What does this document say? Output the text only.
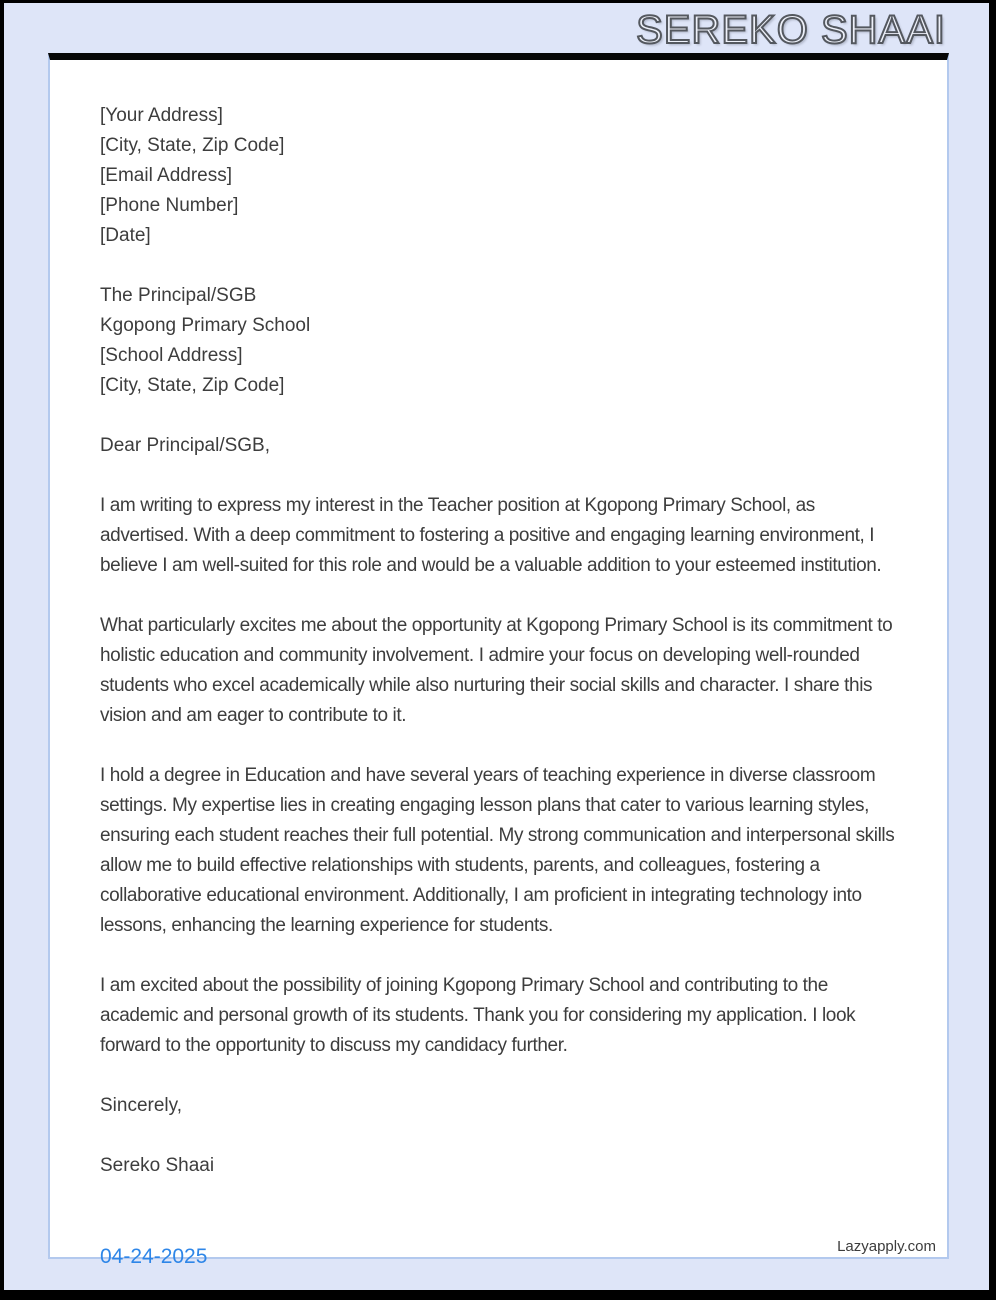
SEREKO SHAAI
[Your Address]
[City, State, Zip Code]
[Email Address]
[Phone Number]
[Date]
The Principal/SGB
Kgopong Primary School
[School Address]
[City, State, Zip Code]
Dear Principal/SGB,

I am writing to express my interest in the Teacher position at Kgopong Primary School, as advertised. With a deep commitment to fostering a positive and engaging learning environment, I believe I am well-suited for this role and would be a valuable addition to your esteemed institution.

What particularly excites me about the opportunity at Kgopong Primary School is its commitment to holistic education and community involvement. I admire your focus on developing well-rounded students who excel academically while also nurturing their social skills and character. I share this vision and am eager to contribute to it.

I hold a degree in Education and have several years of teaching experience in diverse classroom settings. My expertise lies in creating engaging lesson plans that cater to various learning styles, ensuring each student reaches their full potential. My strong communication and interpersonal skills allow me to build effective relationships with students, parents, and colleagues, fostering a collaborative educational environment. Additionally, I am proficient in integrating technology into lessons, enhancing the learning experience for students.

I am excited about the possibility of joining Kgopong Primary School and contributing to the academic and personal growth of its students. Thank you for considering my application. I look forward to the opportunity to discuss my candidacy further.

Sincerely,
Sereko Shaai
04-24-2025	Lazyapply.com
